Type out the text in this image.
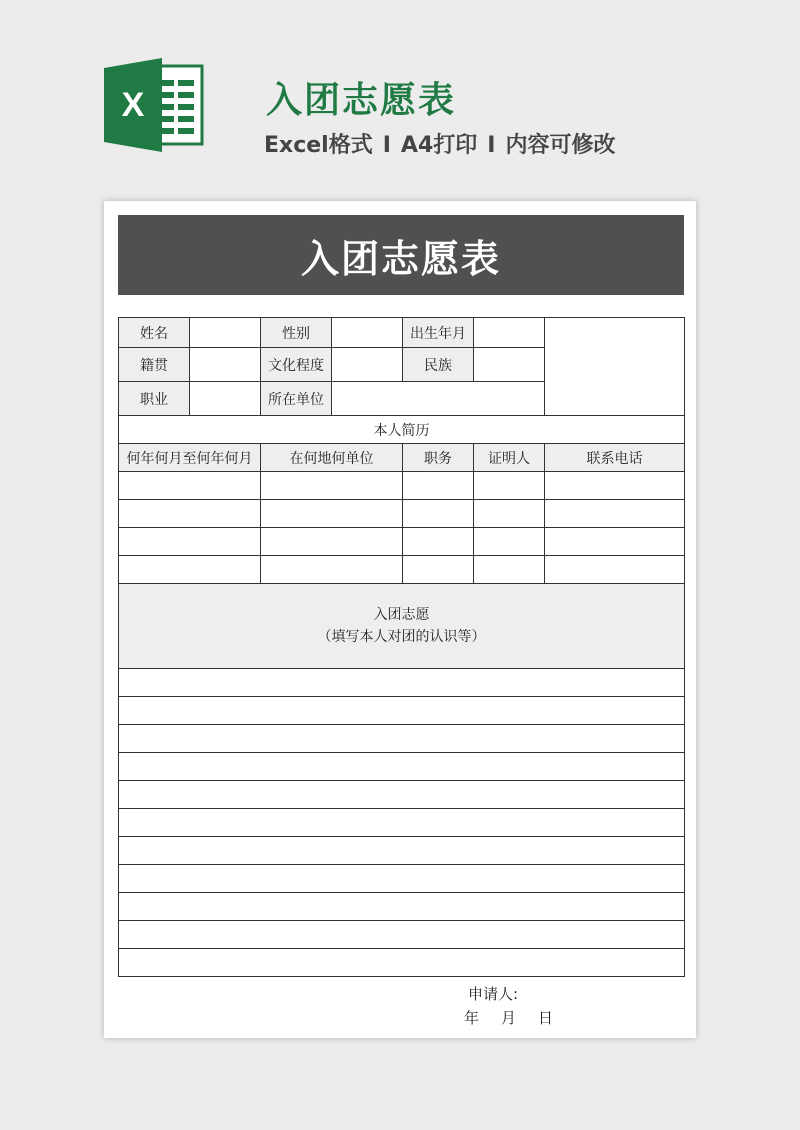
X	入团志愿表
Excel格式 I A4打印 I 内容可修改
入团志愿表
姓名		性别		出生年月		
籍贯		文化程度		民族		
职业		所在单位				
本人简历						
何年何月至何年何月		在何地何单位		职务	证明人	联系电话

入团志愿
（填写本人对团的认识等）						

申请人:
年 月 日
